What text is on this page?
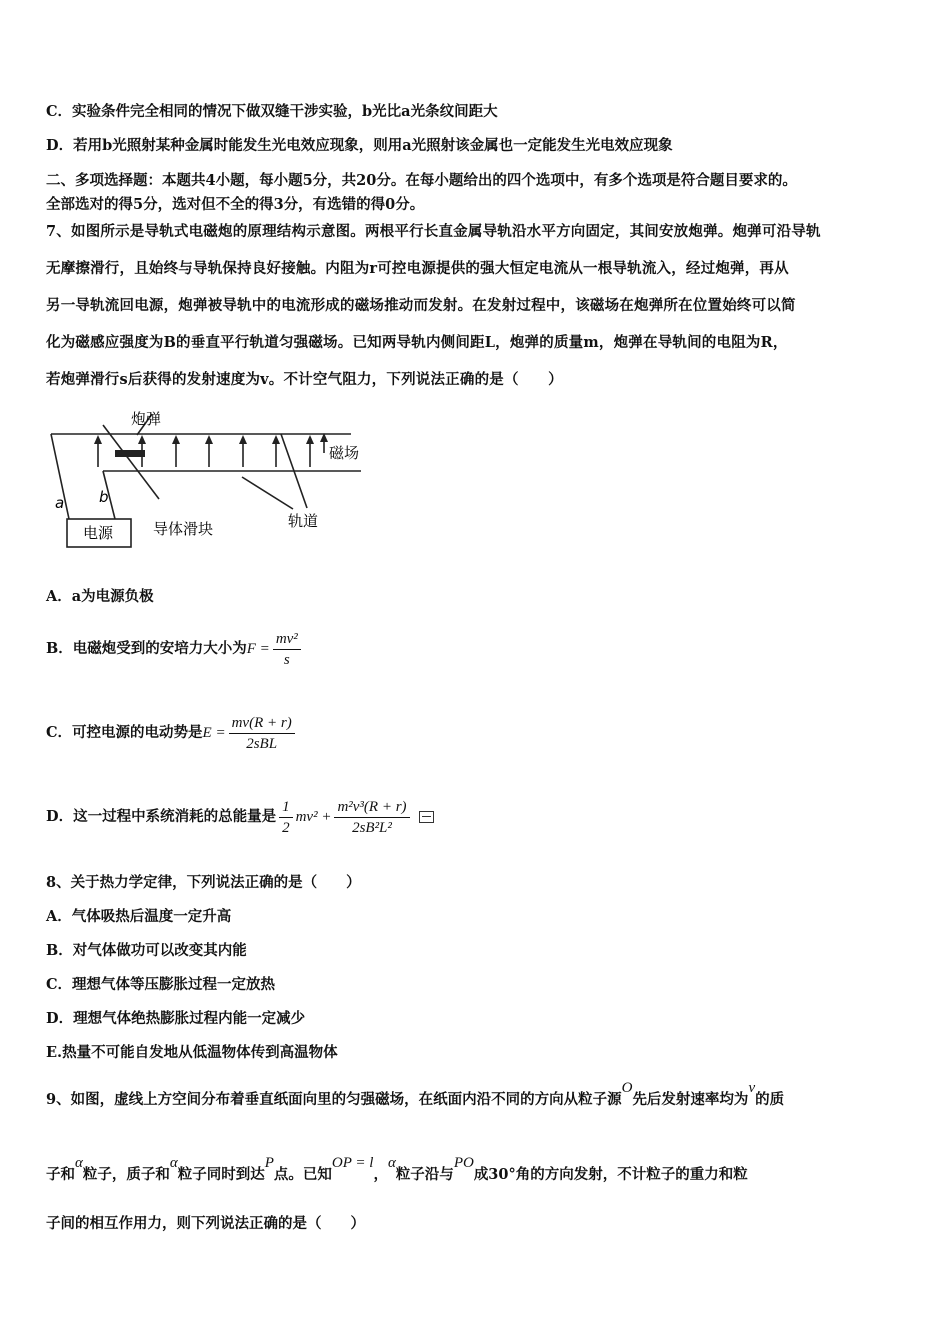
C．实验条件完全相同的情况下做双缝干涉实验，b光比a光条纹间距大
D．若用b光照射某种金属时能发生光电效应现象，则用a光照射该金属也一定能发生光电效应现象
二、多项选择题：本题共4小题，每小题5分，共20分。在每小题给出的四个选项中，有多个选项是符合题目要求的。
全部选对的得5分，选对但不全的得3分，有选错的得0分。
7、如图所示是导轨式电磁炮的原理结构示意图。两根平行长直金属导轨沿水平方向固定，其间安放炮弹。炮弹可沿导轨
无摩擦滑行，且始终与导轨保持良好接触。内阻为r可控电源提供的强大恒定电流从一根导轨流入，经过炮弹，再从
另一导轨流回电源，炮弹被导轨中的电流形成的磁场推动而发射。在发射过程中，该磁场在炮弹所在位置始终可以简
化为磁感应强度为B的垂直平行轨道匀强磁场。已知两导轨内侧间距L，炮弹的质量m，炮弹在导轨间的电阻为R，
若炮弹滑行s后获得的发射速度为v。不计空气阻力，下列说法正确的是（　　）
炮弹
磁场
a b
电源	导体滑块	轨道
A．a为电源负极
B．电磁炮受到的安培力大小为$F = \frac{\text{mv²}}{s}$
C．可控电源的电动势是$E = \frac{mv(R + r)}{\text{2sBL}}$
D．这一过程中系统消耗的总能量是 $\frac{1}{2} mv^2 + \frac{\text{m²v³(R + r)}}{\text{2sB²L²}}$
8、关于热力学定律，下列说法正确的是（　　）
A．气体吸热后温度一定升高
B．对气体做功可以改变其内能
C．理想气体等压膨胀过程一定放热
D．理想气体绝热膨胀过程内能一定减少
E.热量不可能自发地从低温物体传到高温物体
9、如图，虚线上方空间分布着垂直纸面向里的匀强磁场，在纸面内沿不同的方向从粒子源O先后发射速率均为v的质
子和α粒子，质子和α粒子同时到达P点。已知OP = l，α粒子沿与PO成30°角的方向发射，不计粒子的重力和粒
子间的相互作用力，则下列说法正确的是（　　）
